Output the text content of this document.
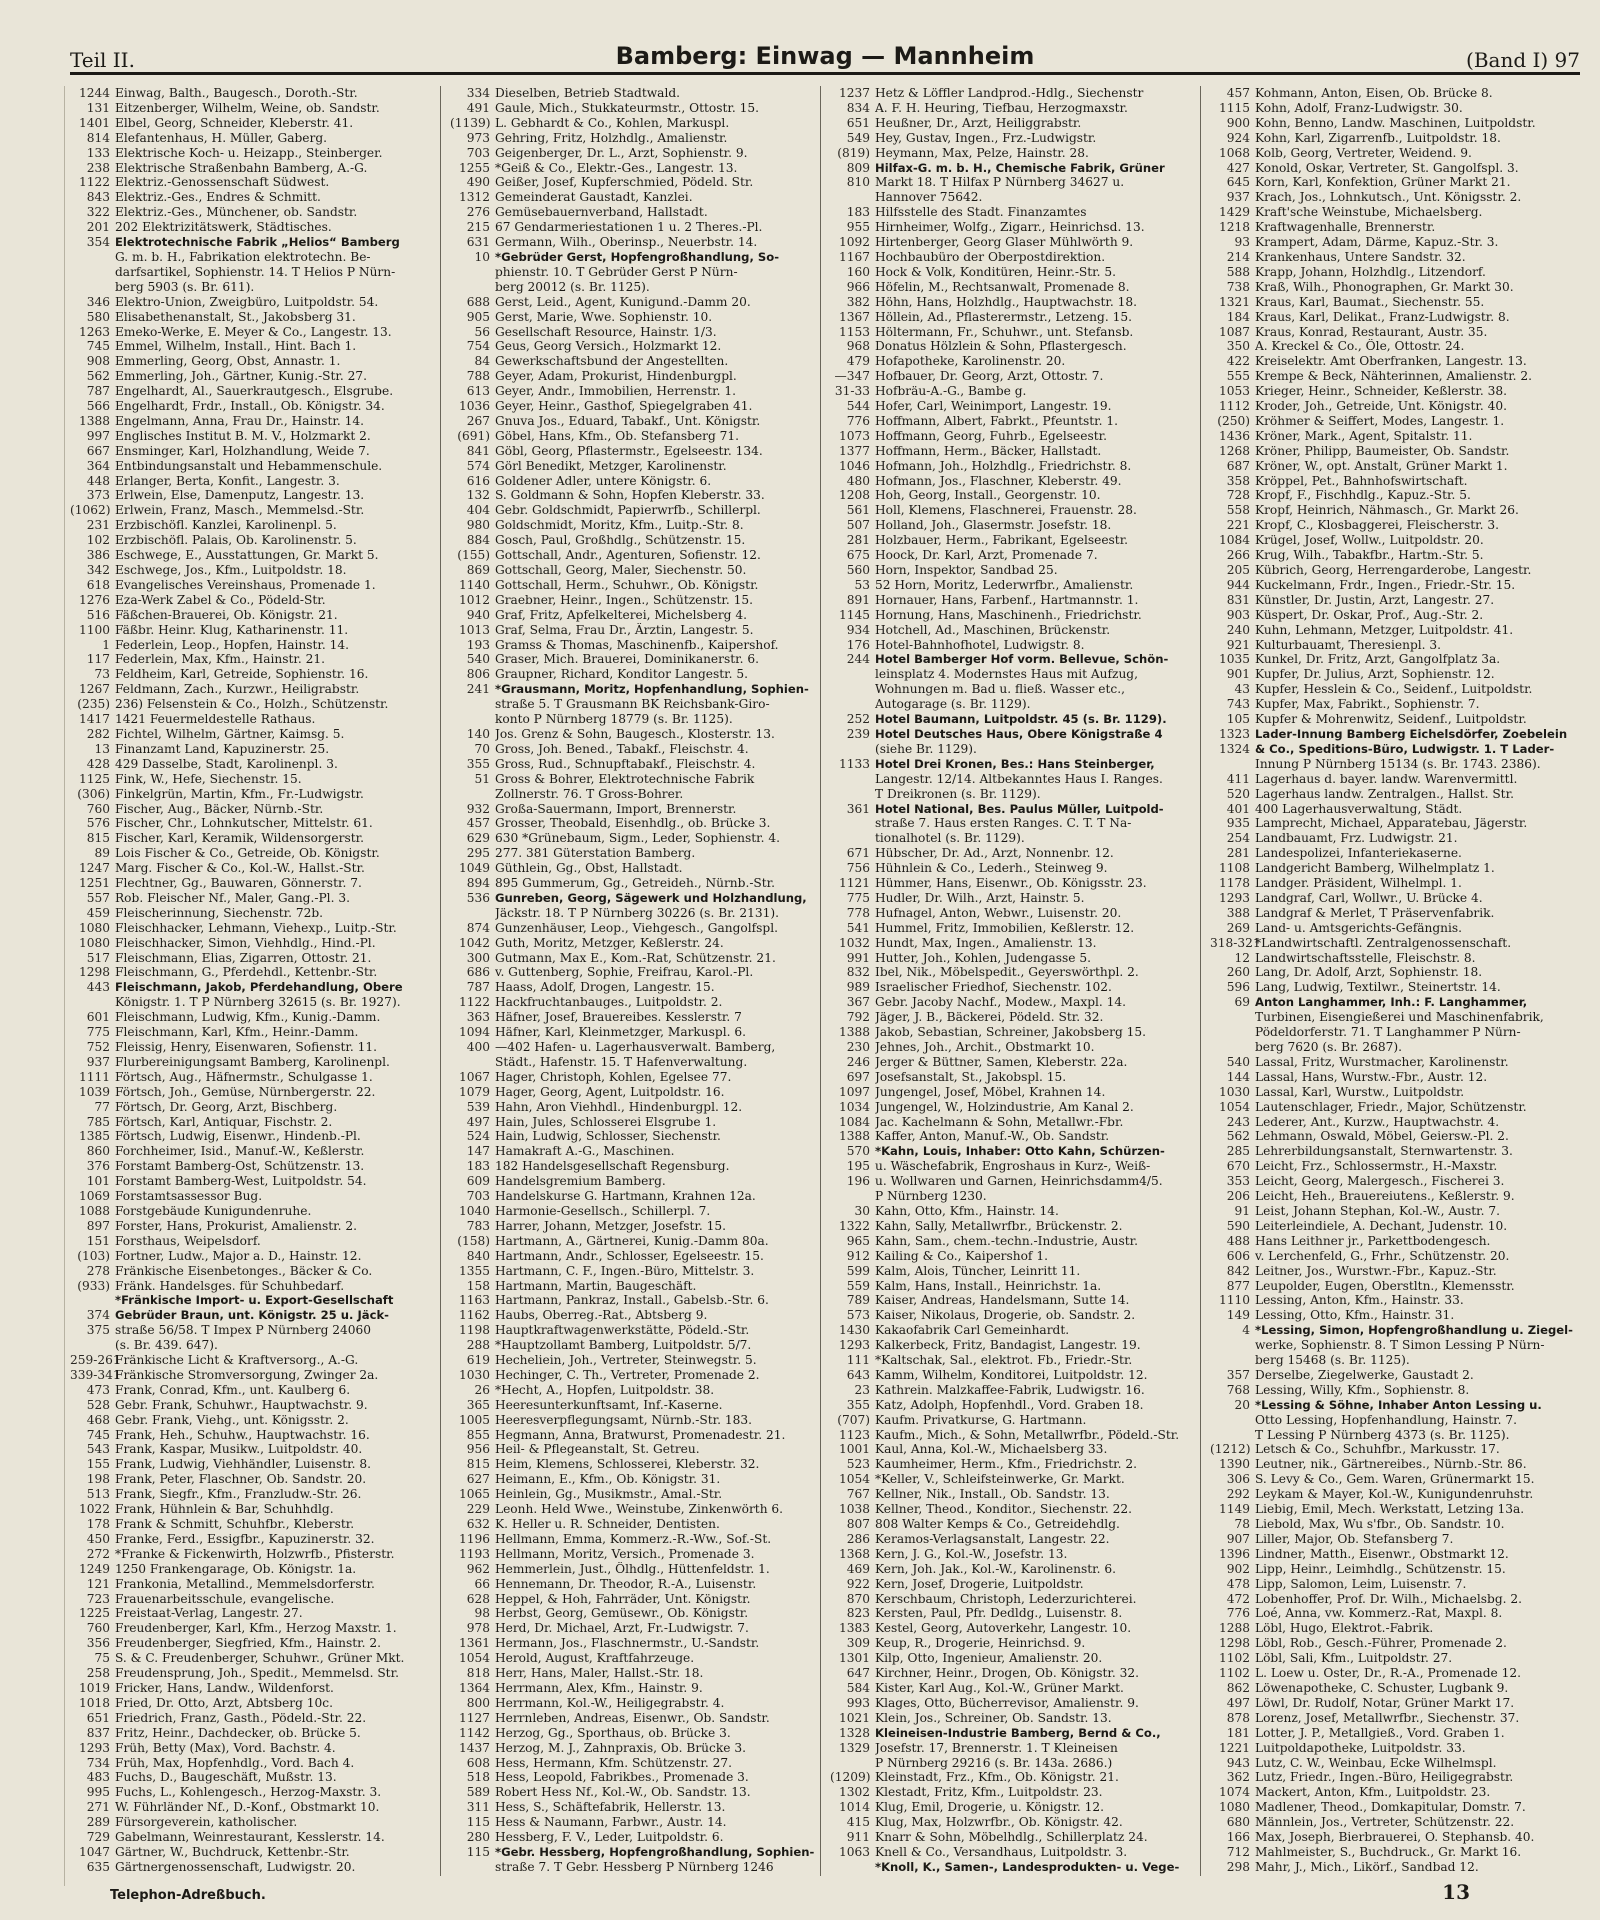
Teil II.	Bamberg: Einwag — Mannheim	(Band I) 97
1244 Einwag, Balth., Baugesch., Doroth.-Str.
131 Eitzenberger, Wilhelm, Weine, ob. Sandstr.
1401 Elbel, Georg, Schneider, Kleberstr. 41.
814 Elefantenhaus, H. Müller, Gaberg.
133 Elektrische Koch- u. Heizapp., Steinberger.
238 Elektrische Straßenbahn Bamberg, A.-G.
1122 Elektriz.-Genossenschaft Südwest.
843 Elektriz.-Ges., Endres & Schmitt.
322 Elektriz.-Ges., Münchener, ob. Sandstr.
201 202 Elektrizitätswerk, Städtisches.
354 Elektrotechnische Fabrik „Helios“ Bamberg
G. m. b. H., Fabrikation elektrotechn. Be-
darfsartikel, Sophienstr. 14. T Helios P Nürn-
berg 5903 (s. Br. 611).
346 Elektro-Union, Zweigbüro, Luitpoldstr. 54.
580 Elisabethenanstalt, St., Jakobsberg 31.
1263 Emeko-Werke, E. Meyer & Co., Langestr. 13.
745 Emmel, Wilhelm, Install., Hint. Bach 1.
908 Emmerling, Georg, Obst, Annastr. 1.
562 Emmerling, Joh., Gärtner, Kunig.-Str. 27.
787 Engelhardt, Al., Sauerkrautgesch., Elsgrube.
566 Engelhardt, Frdr., Install., Ob. Königstr. 34.
1388 Engelmann, Anna, Frau Dr., Hainstr. 14.
997 Englisches Institut B. M. V., Holzmarkt 2.
667 Ensminger, Karl, Holzhandlung, Weide 7.
364 Entbindungsanstalt und Hebammenschule.
448 Erlanger, Berta, Konfit., Langestr. 3.
373 Erlwein, Else, Damenputz, Langestr. 13.
(1062) Erlwein, Franz, Masch., Memmelsd.-Str.
231 Erzbischöfl. Kanzlei, Karolinenpl. 5.
102 Erzbischöfl. Palais, Ob. Karolinenstr. 5.
386 Eschwege, E., Ausstattungen, Gr. Markt 5.
342 Eschwege, Jos., Kfm., Luitpoldstr. 18.
618 Evangelisches Vereinshaus, Promenade 1.
1276 Eza-Werk Zabel & Co., Pödeld-Str.
516 Fäßchen-Brauerei, Ob. Königstr. 21.
1100 Fäßbr. Heinr. Klug, Katharinenstr. 11.
1 Federlein, Leop., Hopfen, Hainstr. 14.
117 Federlein, Max, Kfm., Hainstr. 21.
73 Feldheim, Karl, Getreide, Sophienstr. 16.
1267 Feldmann, Zach., Kurzwr., Heiligrabstr.
(235) 236) Felsenstein & Co., Holzh., Schützenstr.
1417 1421 Feuermeldestelle Rathaus.
282 Fichtel, Wilhelm, Gärtner, Kaimsg. 5.
13 Finanzamt Land, Kapuzinerstr. 25.
428 429 Dasselbe, Stadt, Karolinenpl. 3.
1125 Fink, W., Hefe, Siechenstr. 15.
(306) Finkelgrün, Martin, Kfm., Fr.-Ludwigstr.
760 Fischer, Aug., Bäcker, Nürnb.-Str.
576 Fischer, Chr., Lohnkutscher, Mittelstr. 61.
815 Fischer, Karl, Keramik, Wildensorgerstr.
89 Lois Fischer & Co., Getreide, Ob. Königstr.
1247 Marg. Fischer & Co., Kol.-W., Hallst.-Str.
1251 Flechtner, Gg., Bauwaren, Gönnerstr. 7.
557 Rob. Fleischer Nf., Maler, Gang.-Pl. 3.
459 Fleischerinnung, Siechenstr. 72b.
1080 Fleischhacker, Lehmann, Viehexp., Luitp.-Str.
1080 Fleischhacker, Simon, Viehhdlg., Hind.-Pl.
517 Fleischmann, Elias, Zigarren, Ottostr. 21.
1298 Fleischmann, G., Pferdehdl., Kettenbr.-Str.
443 Fleischmann, Jakob, Pferdehandlung, Obere
Königstr. 1. T P Nürnberg 32615 (s. Br. 1927).
601 Fleischmann, Ludwig, Kfm., Kunig.-Damm.
775 Fleischmann, Karl, Kfm., Heinr.-Damm.
752 Fleissig, Henry, Eisenwaren, Sofienstr. 11.
937 Flurbereinigungsamt Bamberg, Karolinenpl.
1111 Förtsch, Aug., Häfnermstr., Schulgasse 1.
1039 Förtsch, Joh., Gemüse, Nürnbergerstr. 22.
77 Förtsch, Dr. Georg, Arzt, Bischberg.
785 Förtsch, Karl, Antiquar, Fischstr. 2.
1385 Förtsch, Ludwig, Eisenwr., Hindenb.-Pl.
860 Forchheimer, Isid., Manuf.-W., Keßlerstr.
376 Forstamt Bamberg-Ost, Schützenstr. 13.
101 Forstamt Bamberg-West, Luitpoldstr. 54.
1069 Forstamtsassessor Bug.
1088 Forstgebäude Kunigundenruhe.
897 Forster, Hans, Prokurist, Amalienstr. 2.
151 Forsthaus, Weipelsdorf.
(103) Fortner, Ludw., Major a. D., Hainstr. 12.
278 Fränkische Eisenbetonges., Bäcker & Co.
(933) Fränk. Handelsges. für Schuhbedarf.
*Fränkische Import- u. Export-Gesellschaft
374 Gebrüder Braun, unt. Königstr. 25 u. Jäck-
375 straße 56/58. T Impex P Nürnberg 24060
(s. Br. 439. 647).
259-261
Fränkische Licht & Kraftversorg., A.-G.
339-341
Fränkische Stromversorgung, Zwinger 2a.
473 Frank, Conrad, Kfm., unt. Kaulberg 6.
528 Gebr. Frank, Schuhwr., Hauptwachstr. 9.
468 Gebr. Frank, Viehg., unt. Königsstr. 2.
745 Frank, Heh., Schuhw., Hauptwachstr. 16.
543 Frank, Kaspar, Musikw., Luitpoldstr. 40.
155 Frank, Ludwig, Viehhändler, Luisenstr. 8.
198 Frank, Peter, Flaschner, Ob. Sandstr. 20.
513 Frank, Siegfr., Kfm., Franzludw.-Str. 26.
1022 Frank, Hühnlein & Bar, Schuhhdlg.
178 Frank & Schmitt, Schuhfbr., Kleberstr.
450 Franke, Ferd., Essigfbr., Kapuzinerstr. 32.
272 *Franke & Fickenwirth, Holzwrfb., Pfisterstr.
1249 1250 Frankengarage, Ob. Königstr. 1a.
121 Frankonia, Metallind., Memmelsdorferstr.
723 Frauenarbeitsschule, evangelische.
1225 Freistaat-Verlag, Langestr. 27.
760 Freudenberger, Karl, Kfm., Herzog Maxstr. 1.
356 Freudenberger, Siegfried, Kfm., Hainstr. 2.
75 S. & C. Freudenberger, Schuhwr., Grüner Mkt.
258 Freudensprung, Joh., Spedit., Memmelsd. Str.
1019 Fricker, Hans, Landw., Wildenforst.
1018 Fried, Dr. Otto, Arzt, Abtsberg 10c.
651 Friedrich, Franz, Gasth., Pödeld.-Str. 22.
837 Fritz, Heinr., Dachdecker, ob. Brücke 5.
1293 Früh, Betty (Max), Vord. Bachstr. 4.
734 Früh, Max, Hopfenhdlg., Vord. Bach 4.
483 Fuchs, D., Baugeschäft, Mußstr. 13.
995 Fuchs, L., Kohlengesch., Herzog-Maxstr. 3.
271 W. Führländer Nf., D.-Konf., Obstmarkt 10.
289 Fürsorgeverein, katholischer.
729 Gabelmann, Weinrestaurant, Kesslerstr. 14.
1047 Gärtner, W., Buchdruck, Kettenbr.-Str.
635 Gärtnergenossenschaft, Ludwigstr. 20.
334 Dieselben, Betrieb Stadtwald.
491 Gaule, Mich., Stukkateurmstr., Ottostr. 15.
(1139) L. Gebhardt & Co., Kohlen, Markuspl.
973 Gehring, Fritz, Holzhdlg., Amalienstr.
703 Geigenberger, Dr. L., Arzt, Sophienstr. 9.
1255 *Geiß & Co., Elektr.-Ges., Langestr. 13.
490 Geißer, Josef, Kupferschmied, Pödeld. Str.
1312 Gemeinderat Gaustadt, Kanzlei.
276 Gemüsebauernverband, Hallstadt.
215 67 Gendarmeriestationen 1 u. 2 Theres.-Pl.
631 Germann, Wilh., Oberinsp., Neuerbstr. 14.
10 *Gebrüder Gerst, Hopfengroßhandlung, So-
phienstr. 10. T Gebrüder Gerst P Nürn-
berg 20012 (s. Br. 1125).
688 Gerst, Leid., Agent, Kunigund.-Damm 20.
905 Gerst, Marie, Wwe. Sophienstr. 10.
56 Gesellschaft Resource, Hainstr. 1/3.
754 Geus, Georg Versich., Holzmarkt 12.
84 Gewerkschaftsbund der Angestellten.
788 Geyer, Adam, Prokurist, Hindenburgpl.
613 Geyer, Andr., Immobilien, Herrenstr. 1.
1036 Geyer, Heinr., Gasthof, Spiegelgraben 41.
267 Gnuva Jos., Eduard, Tabakf., Unt. Königstr.
(691) Göbel, Hans, Kfm., Ob. Stefansberg 71.
841 Göbl, Georg, Pflastermstr., Egelseestr. 134.
574 Görl Benedikt, Metzger, Karolinenstr.
616 Goldener Adler, untere Königstr. 6.
132 S. Goldmann & Sohn, Hopfen Kleberstr. 33.
404 Gebr. Goldschmidt, Papierwrfb., Schillerpl.
980 Goldschmidt, Moritz, Kfm., Luitp.-Str. 8.
884 Gosch, Paul, Großhdlg., Schützenstr. 15.
(155) Gottschall, Andr., Agenturen, Sofienstr. 12.
869 Gottschall, Georg, Maler, Siechenstr. 50.
1140 Gottschall, Herm., Schuhwr., Ob. Königstr.
1012 Graebner, Heinr., Ingen., Schützenstr. 15.
940 Graf, Fritz, Apfelkelterei, Michelsberg 4.
1013 Graf, Selma, Frau Dr., Ärztin, Langestr. 5.
193 Gramss & Thomas, Maschinenfb., Kaipershof.
540 Graser, Mich. Brauerei, Dominikanerstr. 6.
806 Graupner, Richard, Konditor Langestr. 5.
241 *Grausmann, Moritz, Hopfenhandlung, Sophien-
straße 5. T Grausmann BK Reichsbank-Giro-
konto P Nürnberg 18779 (s. Br. 1125).
140 Jos. Grenz & Sohn, Baugesch., Klosterstr. 13.
70 Gross, Joh. Bened., Tabakf., Fleischstr. 4.
355 Gross, Rud., Schnupftabakf., Fleischstr. 4.
51 Gross & Bohrer, Elektrotechnische Fabrik
Zollnerstr. 76. T Gross-Bohrer.
932 Großa-Sauermann, Import, Brennerstr.
457 Grosser, Theobald, Eisenhdlg., ob. Brücke 3.
629 630 *Grünebaum, Sigm., Leder, Sophienstr. 4.
295 277. 381 Güterstation Bamberg.
1049 Güthlein, Gg., Obst, Hallstadt.
894 895 Gummerum, Gg., Getreideh., Nürnb.-Str.
536 Gunreben, Georg, Sägewerk und Holzhandlung,
Jäckstr. 18. T P Nürnberg 30226 (s. Br. 2131).
874 Gunzenhäuser, Leop., Viehgesch., Gangolfspl.
1042 Guth, Moritz, Metzger, Keßlerstr. 24.
300 Gutmann, Max E., Kom.-Rat, Schützenstr. 21.
686 v. Guttenberg, Sophie, Freifrau, Karol.-Pl.
787 Haass, Adolf, Drogen, Langestr. 15.
1122 Hackfruchtanbauges., Luitpoldstr. 2.
363 Häfner, Josef, Brauereibes. Kesslerstr. 7
1094 Häfner, Karl, Kleinmetzger, Markuspl. 6.
400 —402 Hafen- u. Lagerhausverwalt. Bamberg,
Städt., Hafenstr. 15. T Hafenverwaltung.
1067 Hager, Christoph, Kohlen, Egelsee 77.
1079 Hager, Georg, Agent, Luitpoldstr. 16.
539 Hahn, Aron Viehhdl., Hindenburgpl. 12.
497 Hain, Jules, Schlosserei Elsgrube 1.
524 Hain, Ludwig, Schlosser, Siechenstr.
147 Hamakraft A.-G., Maschinen.
183 182 Handelsgesellschaft Regensburg.
609 Handelsgremium Bamberg.
703 Handelskurse G. Hartmann, Krahnen 12a.
1040 Harmonie-Gesellsch., Schillerpl. 7.
783 Harrer, Johann, Metzger, Josefstr. 15.
(158) Hartmann, A., Gärtnerei, Kunig.-Damm 80a.
840 Hartmann, Andr., Schlosser, Egelseestr. 15.
1355 Hartmann, C. F., Ingen.-Büro, Mittelstr. 3.
158 Hartmann, Martin, Baugeschäft.
1163 Hartmann, Pankraz, Install., Gabelsb.-Str. 6.
1162 Haubs, Oberreg.-Rat., Abtsberg 9.
1198 Hauptkraftwagenwerkstätte, Pödeld.-Str.
288 *Hauptzollamt Bamberg, Luitpoldstr. 5/7.
619 Hecheliein, Joh., Vertreter, Steinwegstr. 5.
1030 Hechinger, C. Th., Vertreter, Promenade 2.
26 *Hecht, A., Hopfen, Luitpoldstr. 38.
365 Heeresunterkunftsamt, Inf.-Kaserne.
1005 Heeresverpflegungsamt, Nürnb.-Str. 183.
855 Hegmann, Anna, Bratwurst, Promenadestr. 21.
956 Heil- & Pflegeanstalt, St. Getreu.
815 Heim, Klemens, Schlosserei, Kleberstr. 32.
627 Heimann, E., Kfm., Ob. Königstr. 31.
1065 Heinlein, Gg., Musikmstr., Amal.-Str.
229 Leonh. Held Wwe., Weinstube, Zinkenwörth 6.
632 K. Heller u. R. Schneider, Dentisten.
1196 Hellmann, Emma, Kommerz.-R.-Ww., Sof.-St.
1193 Hellmann, Moritz, Versich., Promenade 3.
962 Hemmerlein, Just., Ölhdlg., Hüttenfeldstr. 1.
66 Hennemann, Dr. Theodor, R.-A., Luisenstr.
628 Heppel, & Hoh, Fahrräder, Unt. Königstr.
98 Herbst, Georg, Gemüsewr., Ob. Königstr.
978 Herd, Dr. Michael, Arzt, Fr.-Ludwigstr. 7.
1361 Hermann, Jos., Flaschnermstr., U.-Sandstr.
1054 Herold, August, Kraftfahrzeuge.
818 Herr, Hans, Maler, Hallst.-Str. 18.
1364 Herrmann, Alex, Kfm., Hainstr. 9.
800 Herrmann, Kol.-W., Heiligegrabstr. 4.
1127 Herrnleben, Andreas, Eisenwr., Ob. Sandstr.
1142 Herzog, Gg., Sporthaus, ob. Brücke 3.
1437 Herzog, M. J., Zahnpraxis, Ob. Brücke 3.
608 Hess, Hermann, Kfm. Schützenstr. 27.
518 Hess, Leopold, Fabrikbes., Promenade 3.
589 Robert Hess Nf., Kol.-W., Ob. Sandstr. 13.
311 Hess, S., Schäftefabrik, Hellerstr. 13.
115 Hess & Naumann, Farbwr., Austr. 14.
280 Hessberg, F. V., Leder, Luitpoldstr. 6.
115 *Gebr. Hessberg, Hopfengroßhandlung, Sophien-
straße 7. T Gebr. Hessberg P Nürnberg 1246
1237 Hetz & Löffler Landprod.-Hdlg., Siechenstr
834 A. F. H. Heuring, Tiefbau, Herzogmaxstr.
651 Heußner, Dr., Arzt, Heiliggrabstr.
549 Hey, Gustav, Ingen., Frz.-Ludwigstr.
(819) Heymann, Max, Pelze, Hainstr. 28.
809 Hilfax-G. m. b. H., Chemische Fabrik, Grüner
810 Markt 18. T Hilfax P Nürnberg 34627 u.
Hannover 75642.
183 Hilfsstelle des Stadt. Finanzamtes
955 Hirnheimer, Wolfg., Zigarr., Heinrichsd. 13.
1092 Hirtenberger, Georg Glaser Mühlwörth 9.
1167 Hochbaubüro der Oberpostdirektion.
160 Hock & Volk, Konditüren, Heinr.-Str. 5.
966 Höfelin, M., Rechtsanwalt, Promenade 8.
382 Höhn, Hans, Holzhdlg., Hauptwachstr. 18.
1367 Höllein, Ad., Pflasterermstr., Letzeng. 15.
1153 Höltermann, Fr., Schuhwr., unt. Stefansb.
968 Donatus Hölzlein & Sohn, Pflastergesch.
479 Hofapotheke, Karolinenstr. 20.
—347 Hofbauer, Dr. Georg, Arzt, Ottostr. 7.
31-33 Hofbräu-A.-G., Bambe g.
544 Hofer, Carl, Weinimport, Langestr. 19.
776 Hoffmann, Albert, Fabrkt., Pfeuntstr. 1.
1073 Hoffmann, Georg, Fuhrb., Egelseestr.
1377 Hoffmann, Herm., Bäcker, Hallstadt.
1046 Hofmann, Joh., Holzhdlg., Friedrichstr. 8.
480 Hofmann, Jos., Flaschner, Kleberstr. 49.
1208 Hoh, Georg, Install., Georgenstr. 10.
561 Holl, Klemens, Flaschnerei, Frauenstr. 28.
507 Holland, Joh., Glasermstr. Josefstr. 18.
281 Holzbauer, Herm., Fabrikant, Egelseestr.
675 Hoock, Dr. Karl, Arzt, Promenade 7.
560 Horn, Inspektor, Sandbad 25.
53 52 Horn, Moritz, Lederwrfbr., Amalienstr.
891 Hornauer, Hans, Farbenf., Hartmannstr. 1.
1145 Hornung, Hans, Maschinenh., Friedrichstr.
934 Hotchell, Ad., Maschinen, Brückenstr.
176 Hotel-Bahnhofhotel, Ludwigstr. 8.
244 Hotel Bamberger Hof vorm. Bellevue, Schön-
leinsplatz 4. Modernstes Haus mit Aufzug,
Wohnungen m. Bad u. fließ. Wasser etc.,
Autogarage (s. Br. 1129).
252 Hotel Baumann, Luitpoldstr. 45 (s. Br. 1129).
239 Hotel Deutsches Haus, Obere Königstraße 4
(siehe Br. 1129).
1133 Hotel Drei Kronen, Bes.: Hans Steinberger,
Langestr. 12/14. Altbekanntes Haus I. Ranges.
T Dreikronen (s. Br. 1129).
361 Hotel National, Bes. Paulus Müller, Luitpold-
straße 7. Haus ersten Ranges. C. T. T Na-
tionalhotel (s. Br. 1129).
671 Hübscher, Dr. Ad., Arzt, Nonnenbr. 12.
756 Hühnlein & Co., Lederh., Steinweg 9.
1121 Hümmer, Hans, Eisenwr., Ob. Königsstr. 23.
775 Hudler, Dr. Wilh., Arzt, Hainstr. 5.
778 Hufnagel, Anton, Webwr., Luisenstr. 20.
541 Hummel, Fritz, Immobilien, Keßlerstr. 12.
1032 Hundt, Max, Ingen., Amalienstr. 13.
991 Hutter, Joh., Kohlen, Judengasse 5.
832 Ibel, Nik., Möbelspedit., Geyerswörthpl. 2.
989 Israelischer Friedhof, Siechenstr. 102.
367 Gebr. Jacoby Nachf., Modew., Maxpl. 14.
792 Jäger, J. B., Bäckerei, Pödeld. Str. 32.
1388 Jakob, Sebastian, Schreiner, Jakobsberg 15.
230 Jehnes, Joh., Archit., Obstmarkt 10.
246 Jerger & Büttner, Samen, Kleberstr. 22a.
697 Josefsanstalt, St., Jakobspl. 15.
1097 Jungengel, Josef, Möbel, Krahnen 14.
1034 Jungengel, W., Holzindustrie, Am Kanal 2.
1084 Jac. Kachelmann & Sohn, Metallwr.-Fbr.
1388 Kaffer, Anton, Manuf.-W., Ob. Sandstr.
570 *Kahn, Louis, Inhaber: Otto Kahn, Schürzen-
195 u. Wäschefabrik, Engroshaus in Kurz-, Weiß-
196 u. Wollwaren und Garnen, Heinrichsdamm4/5.
P Nürnberg 1230.
30 Kahn, Otto, Kfm., Hainstr. 14.
1322 Kahn, Sally, Metallwrfbr., Brückenstr. 2.
965 Kahn, Sam., chem.-techn.-Industrie, Austr.
912 Kailing & Co., Kaipershof 1.
599 Kalm, Alois, Tüncher, Leinritt 11.
559 Kalm, Hans, Install., Heinrichstr. 1a.
789 Kaiser, Andreas, Handelsmann, Sutte 14.
573 Kaiser, Nikolaus, Drogerie, ob. Sandstr. 2.
1430 Kakaofabrik Carl Gemeinhardt.
1293 Kalkerbeck, Fritz, Bandagist, Langestr. 19.
111 *Kaltschak, Sal., elektrot. Fb., Friedr.-Str.
643 Kamm, Wilhelm, Konditorei, Luitpoldstr. 12.
23 Kathrein. Malzkaffee-Fabrik, Ludwigstr. 16.
355 Katz, Adolph, Hopfenhdl., Vord. Graben 18.
(707) Kaufm. Privatkurse, G. Hartmann.
1123 Kaufm., Mich., & Sohn, Metallwrfbr., Pödeld.-Str.
1001 Kaul, Anna, Kol.-W., Michaelsberg 33.
523 Kaumheimer, Herm., Kfm., Friedrichstr. 2.
1054 *Keller, V., Schleifsteinwerke, Gr. Markt.
767 Kellner, Nik., Install., Ob. Sandstr. 13.
1038 Kellner, Theod., Konditor., Siechenstr. 22.
807 808 Walter Kemps & Co., Getreidehdlg.
286 Keramos-Verlagsanstalt, Langestr. 22.
1368 Kern, J. G., Kol.-W., Josefstr. 13.
469 Kern, Joh. Jak., Kol.-W., Karolinenstr. 6.
922 Kern, Josef, Drogerie, Luitpoldstr.
870 Kerschbaum, Christoph, Lederzurichterei.
823 Kersten, Paul, Pfr. Dedldg., Luisenstr. 8.
1383 Kestel, Georg, Autoverkehr, Langestr. 10.
309 Keup, R., Drogerie, Heinrichsd. 9.
1301 Kilp, Otto, Ingenieur, Amalienstr. 20.
647 Kirchner, Heinr., Drogen, Ob. Königstr. 32.
584 Kister, Karl Aug., Kol.-W., Grüner Markt.
993 Klages, Otto, Bücherrevisor, Amalienstr. 9.
1021 Klein, Jos., Schreiner, Ob. Sandstr. 13.
1328 Kleineisen-Industrie Bamberg, Bernd & Co.,
1329 Josefstr. 17, Brennerstr. 1. T Kleineisen
P Nürnberg 29216 (s. Br. 143a. 2686.)
(1209) Kleinstadt, Frz., Kfm., Ob. Königstr. 21.
1302 Klestadt, Fritz, Kfm., Luitpoldstr. 23.
1014 Klug, Emil, Drogerie, u. Königstr. 12.
415 Klug, Max, Holzwrfbr., Ob. Königstr. 42.
911 Knarr & Sohn, Möbelhdlg., Schillerplatz 24.
1063 Knell & Co., Versandhaus, Luitpoldstr. 3.
*Knoll, K., Samen-, Landesprodukten- u. Vege-
457 Kohmann, Anton, Eisen, Ob. Brücke 8.
1115 Kohn, Adolf, Franz-Ludwigstr. 30.
900 Kohn, Benno, Landw. Maschinen, Luitpoldstr.
924 Kohn, Karl, Zigarrenfb., Luitpoldstr. 18.
1068 Kolb, Georg, Vertreter, Weidend. 9.
427 Konold, Oskar, Vertreter, St. Gangolfspl. 3.
645 Korn, Karl, Konfektion, Grüner Markt 21.
937 Krach, Jos., Lohnkutsch., Unt. Königsstr. 2.
1429 Kraft'sche Weinstube, Michaelsberg.
1218 Kraftwagenhalle, Brennerstr.
93 Krampert, Adam, Därme, Kapuz.-Str. 3.
214 Krankenhaus, Untere Sandstr. 32.
588 Krapp, Johann, Holzhdlg., Litzendorf.
738 Kraß, Wilh., Phonographen, Gr. Markt 30.
1321 Kraus, Karl, Baumat., Siechenstr. 55.
184 Kraus, Karl, Delikat., Franz-Ludwigstr. 8.
1087 Kraus, Konrad, Restaurant, Austr. 35.
350 A. Kreckel & Co., Öle, Ottostr. 24.
422 Kreiselektr. Amt Oberfranken, Langestr. 13.
555 Krempe & Beck, Nähterinnen, Amalienstr. 2.
1053 Krieger, Heinr., Schneider, Keßlerstr. 38.
1112 Kroder, Joh., Getreide, Unt. Königstr. 40.
(250) Kröhmer & Seiffert, Modes, Langestr. 1.
1436 Kröner, Mark., Agent, Spitalstr. 11.
1268 Kröner, Philipp, Baumeister, Ob. Sandstr.
687 Kröner, W., opt. Anstalt, Grüner Markt 1.
358 Kröppel, Pet., Bahnhofswirtschaft.
728 Kropf, F., Fischhdlg., Kapuz.-Str. 5.
558 Kropf, Heinrich, Nähmasch., Gr. Markt 26.
221 Kropf, C., Klosbaggerei, Fleischerstr. 3.
1084 Krügel, Josef, Wollw., Luitpoldstr. 20.
266 Krug, Wilh., Tabakfbr., Hartm.-Str. 5.
205 Kübrich, Georg, Herrengarderobe, Langestr.
944 Kuckelmann, Frdr., Ingen., Friedr.-Str. 15.
831 Künstler, Dr. Justin, Arzt, Langestr. 27.
903 Küspert, Dr. Oskar, Prof., Aug.-Str. 2.
240 Kuhn, Lehmann, Metzger, Luitpoldstr. 41.
921 Kulturbauamt, Theresienpl. 3.
1035 Kunkel, Dr. Fritz, Arzt, Gangolfplatz 3a.
901 Kupfer, Dr. Julius, Arzt, Sophienstr. 12.
43 Kupfer, Hesslein & Co., Seidenf., Luitpoldstr.
743 Kupfer, Max, Fabrikt., Sophienstr. 7.
105 Kupfer & Mohrenwitz, Seidenf., Luitpoldstr.
1323 Lader-Innung Bamberg Eichelsdörfer, Zoebelein
1324 & Co., Speditions-Büro, Ludwigstr. 1. T Lader-
Innung P Nürnberg 15134 (s. Br. 1743. 2386).
411 Lagerhaus d. bayer. landw. Warenvermittl.
520 Lagerhaus landw. Zentralgen., Hallst. Str.
401 400 Lagerhausverwaltung, Städt.
935 Lamprecht, Michael, Apparatebau, Jägerstr.
254 Landbauamt, Frz. Ludwigstr. 21.
281 Landespolizei, Infanteriekaserne.
1108 Landgericht Bamberg, Wilhelmplatz 1.
1178 Landger. Präsident, Wilhelmpl. 1.
1293 Landgraf, Carl, Wollwr., U. Brücke 4.
388 Landgraf & Merlet, T Präservenfabrik.
269 Land- u. Amtsgerichts-Gefängnis.
318-321
*Landwirtschaftl. Zentralgenossenschaft.
12 Landwirtschaftsstelle, Fleischstr. 8.
260 Lang, Dr. Adolf, Arzt, Sophienstr. 18.
596 Lang, Ludwig, Textilwr., Steinertstr. 14.
69 Anton Langhammer, Inh.: F. Langhammer,
Turbinen, Eisengießerei und Maschinenfabrik,
Pödeldorferstr. 71. T Langhammer P Nürn-
berg 7620 (s. Br. 2687).
540 Lassal, Fritz, Wurstmacher, Karolinenstr.
144 Lassal, Hans, Wurstw.-Fbr., Austr. 12.
1030 Lassal, Karl, Wurstw., Luitpoldstr.
1054 Lautenschlager, Friedr., Major, Schützenstr.
243 Lederer, Ant., Kurzw., Hauptwachstr. 4.
562 Lehmann, Oswald, Möbel, Geiersw.-Pl. 2.
285 Lehrerbildungsanstalt, Sternwartenstr. 3.
670 Leicht, Frz., Schlossermstr., H.-Maxstr.
353 Leicht, Georg, Malergesch., Fischerei 3.
206 Leicht, Heh., Brauereiutens., Keßlerstr. 9.
91 Leist, Johann Stephan, Kol.-W., Austr. 7.
590 Leiterleindiele, A. Dechant, Judenstr. 10.
488 Hans Leithner jr., Parkettbodengesch.
606 v. Lerchenfeld, G., Frhr., Schützenstr. 20.
842 Leitner, Jos., Wurstwr.-Fbr., Kapuz.-Str.
877 Leupolder, Eugen, Oberstltn., Klemensstr.
1110 Lessing, Anton, Kfm., Hainstr. 33.
149 Lessing, Otto, Kfm., Hainstr. 31.
4 *Lessing, Simon, Hopfengroßhandlung u. Ziegel-
werke, Sophienstr. 8. T Simon Lessing P Nürn-
berg 15468 (s. Br. 1125).
357 Derselbe, Ziegelwerke, Gaustadt 2.
768 Lessing, Willy, Kfm., Sophienstr. 8.
20 *Lessing & Söhne, Inhaber Anton Lessing u.
Otto Lessing, Hopfenhandlung, Hainstr. 7.
T Lessing P Nürnberg 4373 (s. Br. 1125).
(1212) Letsch & Co., Schuhfbr., Markusstr. 17.
1390 Leutner, nik., Gärtnereibes., Nürnb.-Str. 86.
306 S. Levy & Co., Gem. Waren, Grünermarkt 15.
292 Leykam & Mayer, Kol.-W., Kunigundenruhstr.
1149 Liebig, Emil, Mech. Werkstatt, Letzing 13a.
78 Liebold, Max, Wu s'fbr., Ob. Sandstr. 10.
907 Liller, Major, Ob. Stefansberg 7.
1396 Lindner, Matth., Eisenwr., Obstmarkt 12.
902 Lipp, Heinr., Leimhdlg., Schützenstr. 15.
478 Lipp, Salomon, Leim, Luisenstr. 7.
472 Lobenhoffer, Prof. Dr. Wilh., Michaelsbg. 2.
776 Loé, Anna, vw. Kommerz.-Rat, Maxpl. 8.
1288 Löbl, Hugo, Elektrot.-Fabrik.
1298 Löbl, Rob., Gesch.-Führer, Promenade 2.
1102 Löbl, Sali, Kfm., Luitpoldstr. 27.
1102 L. Loew u. Oster, Dr., R.-A., Promenade 12.
862 Löwenapotheke, C. Schuster, Lugbank 9.
497 Löwl, Dr. Rudolf, Notar, Grüner Markt 17.
878 Lorenz, Josef, Metallwrfbr., Siechenstr. 37.
181 Lotter, J. P., Metallgieß., Vord. Graben 1.
1221 Luitpoldapotheke, Luitpoldstr. 33.
943 Lutz, C. W., Weinbau, Ecke Wilhelmspl.
362 Lutz, Friedr., Ingen.-Büro, Heiligegrabstr.
1074 Mackert, Anton, Kfm., Luitpoldstr. 23.
1080 Madlener, Theod., Domkapitular, Domstr. 7.
680 Männlein, Jos., Vertreter, Schützenstr. 22.
166 Max, Joseph, Bierbrauerei, O. Stephansb. 40.
712 Mahlmeister, S., Buchdruck., Gr. Markt 16.
298 Mahr, J., Mich., Likörf., Sandbad 12.
Telephon-Adreßbuch.	13
